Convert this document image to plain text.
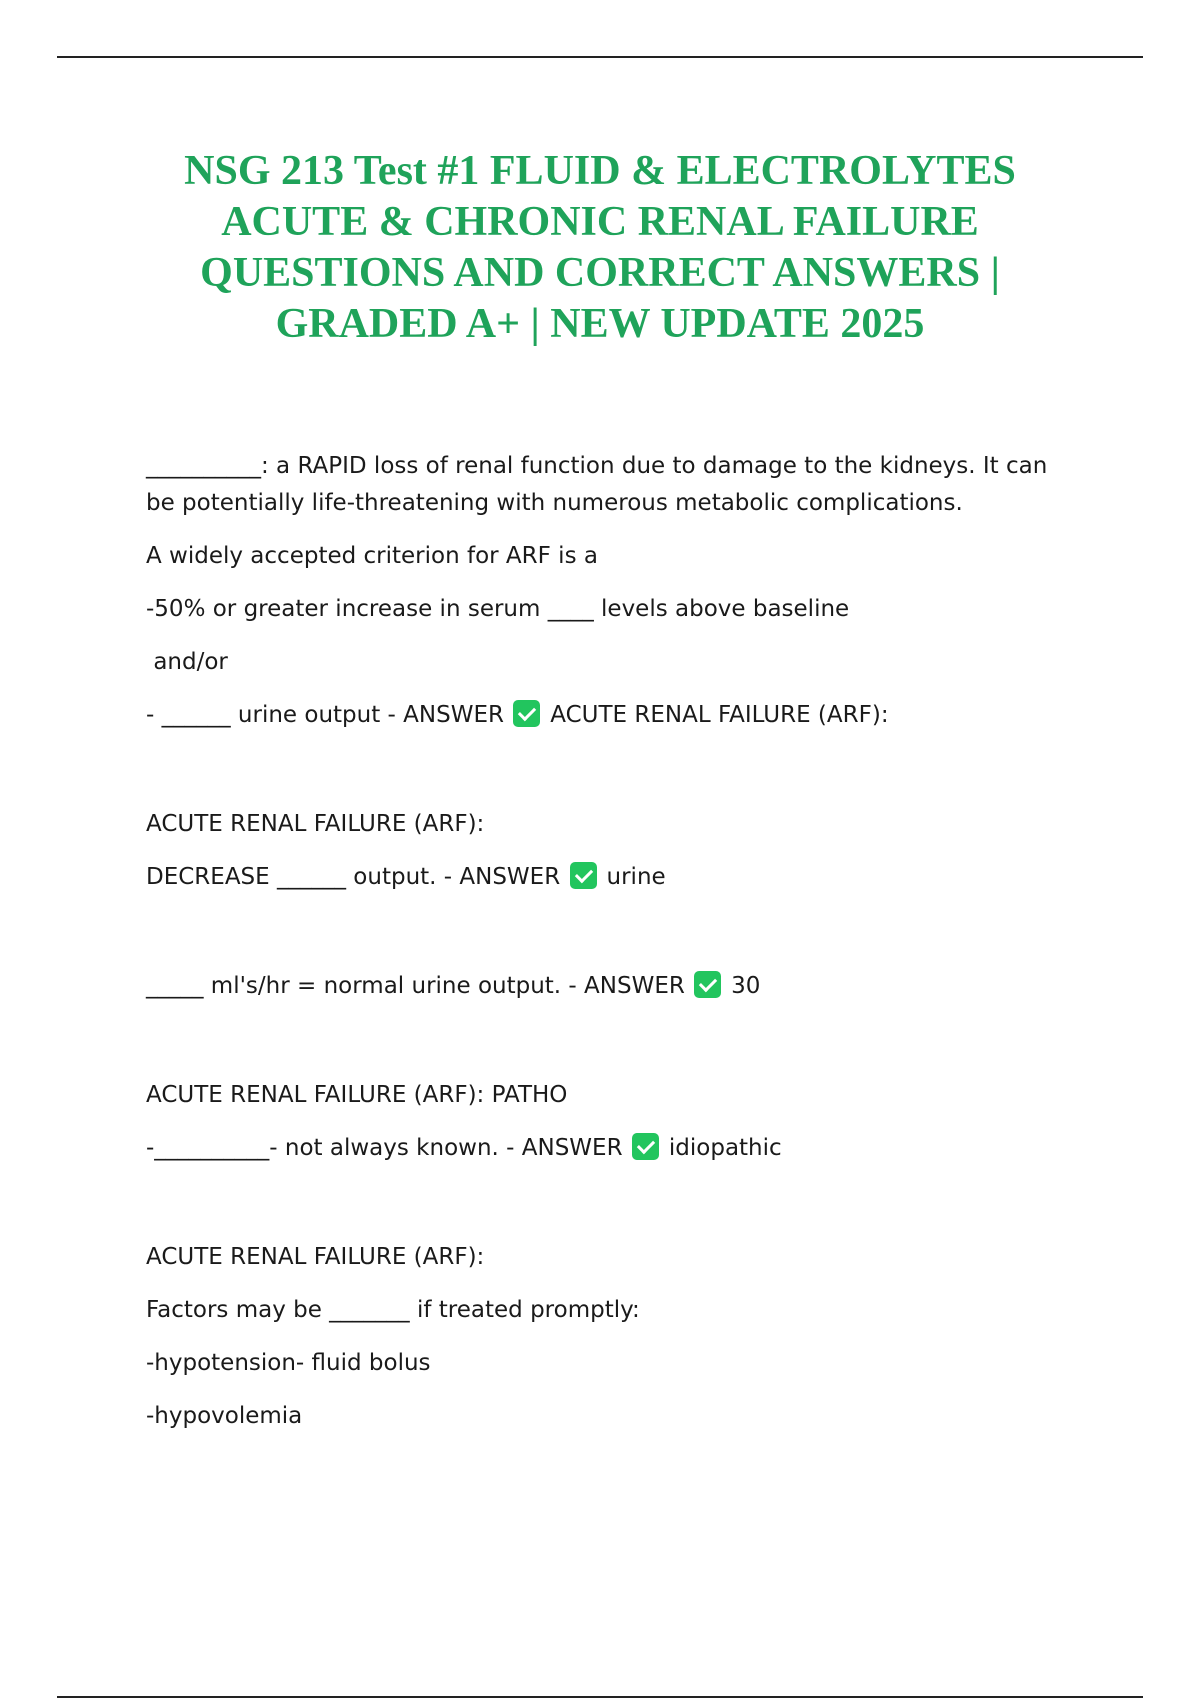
NSG 213 Test #1 FLUID & ELECTROLYTES
ACUTE & CHRONIC RENAL FAILURE
QUESTIONS AND CORRECT ANSWERS |
GRADED A+ | NEW UPDATE 2025

__________: a RAPID loss of renal function due to damage to the kidneys. It can be potentially life-threatening with numerous metabolic complications.

A widely accepted criterion for ARF is a

-50% or greater increase in serum ____ levels above baseline

and/or

- ______ urine output - ANSWER ACUTE RENAL FAILURE (ARF):

ACUTE RENAL FAILURE (ARF):

DECREASE ______ output. - ANSWER urine

_____ ml's/hr = normal urine output. - ANSWER 30

ACUTE RENAL FAILURE (ARF): PATHO

-__________- not always known. - ANSWER idiopathic

ACUTE RENAL FAILURE (ARF):

Factors may be _______ if treated promptly:

-hypotension- fluid bolus

-hypovolemia
